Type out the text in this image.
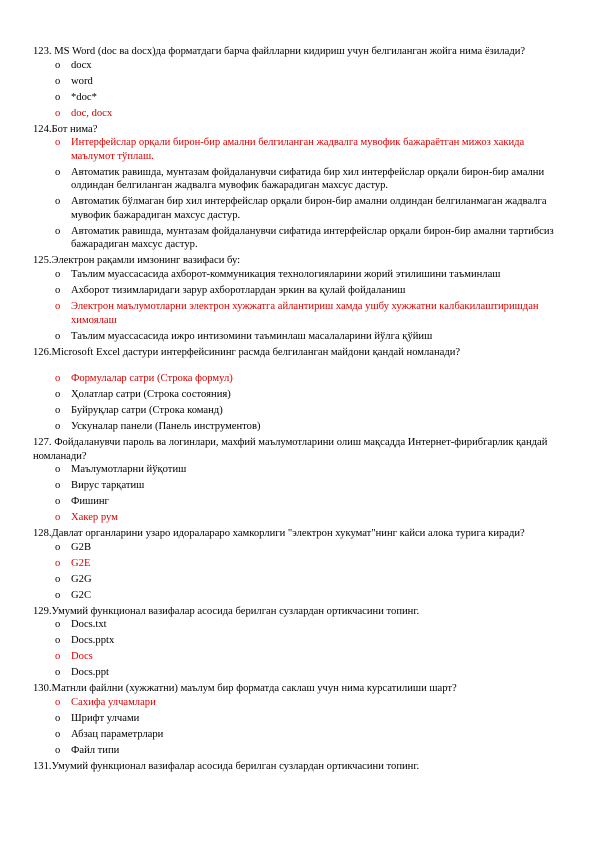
123. MS Word (doc ва docx)да форматдаги барча файлларни кидириш учун белгиланган жойга нима ёзилади?

o docx
o word
o *doc*
o doc, docx

124.Бот нима?

o Интерфейслар орқали бирон-бир амални белгиланган жадвалга мувофик бажараётган мижоз хакида маълумот тўплаш.
o Автоматик равишда, мунтазам фойдаланувчи сифатида бир хил интерфейслар орқали бирон-бир амални олдиндан белгиланган жадвалга мувофик бажарадиган махсус дастур.
o Автоматик бўлмаган бир хил интерфейслар орқали бирон-бир амални олдиндан белгиланмаган жадвалга мувофик бажарадиган махсус дастур.
o Автоматик равишда, мунтазам фойдаланувчи сифатида интерфейслар орқали бирон-бир амални тартибсиз бажарадиган махсус дастур.

125.Электрон рақамли имзонинг вазифаси бу:

o Таълим муассасасида ахборот-коммуникация технологияларини жорий этилишини таъминлаш
o Ахборот тизимларидаги зарур ахборотлардан эркин ва қулай фойдаланиш
o Электрон маълумотларни электрон хужжатга айлантириш хамда ушбу хужжатни калбакилаштиришдан химоялаш
o Таълим муассасасида ижро интизомини таъминлаш масалаларини йўлга қўйиш

126.Microsoft Excel дастури интерфейсининг расмда белгиланган майдони қандай номланади?

o Формулалар сатри (Строка формул)
o Ҳолатлар сатри (Строка состояния)
o Буйруқлар сатри (Строка команд)
o Ускуналар панели (Панель инструментов)

127. Фойдаланувчи пароль ва логинлари, махфий маълумотларини олиш мақсадда Интернет-фирибгарлик қандай номланади?

o Маълумотларни йўқотиш
o Вирус тарқатиш
o Фишинг
o Хакер рум

128.Давлат органларини узаро идоралараро хамкорлиги "электрон хукумат"нинг кайси алока турига киради?

o G2B
o G2E
o G2G
o G2C

129.Умумий функционал вазифалар асосида берилган сузлардан ортикчасини топинг.

o Docs.txt
o Docs.pptx
o Docs
o Docs.ppt

130.Матнли файлни (хужжатни) маълум бир форматда саклаш учун нима курсатилиши шарт?

o Сахифа улчамлари
o Шрифт улчами
o Абзац параметрлари
o Файл типи

131.Умумий функционал вазифалар асосида берилган сузлардан ортикчасини топинг.
